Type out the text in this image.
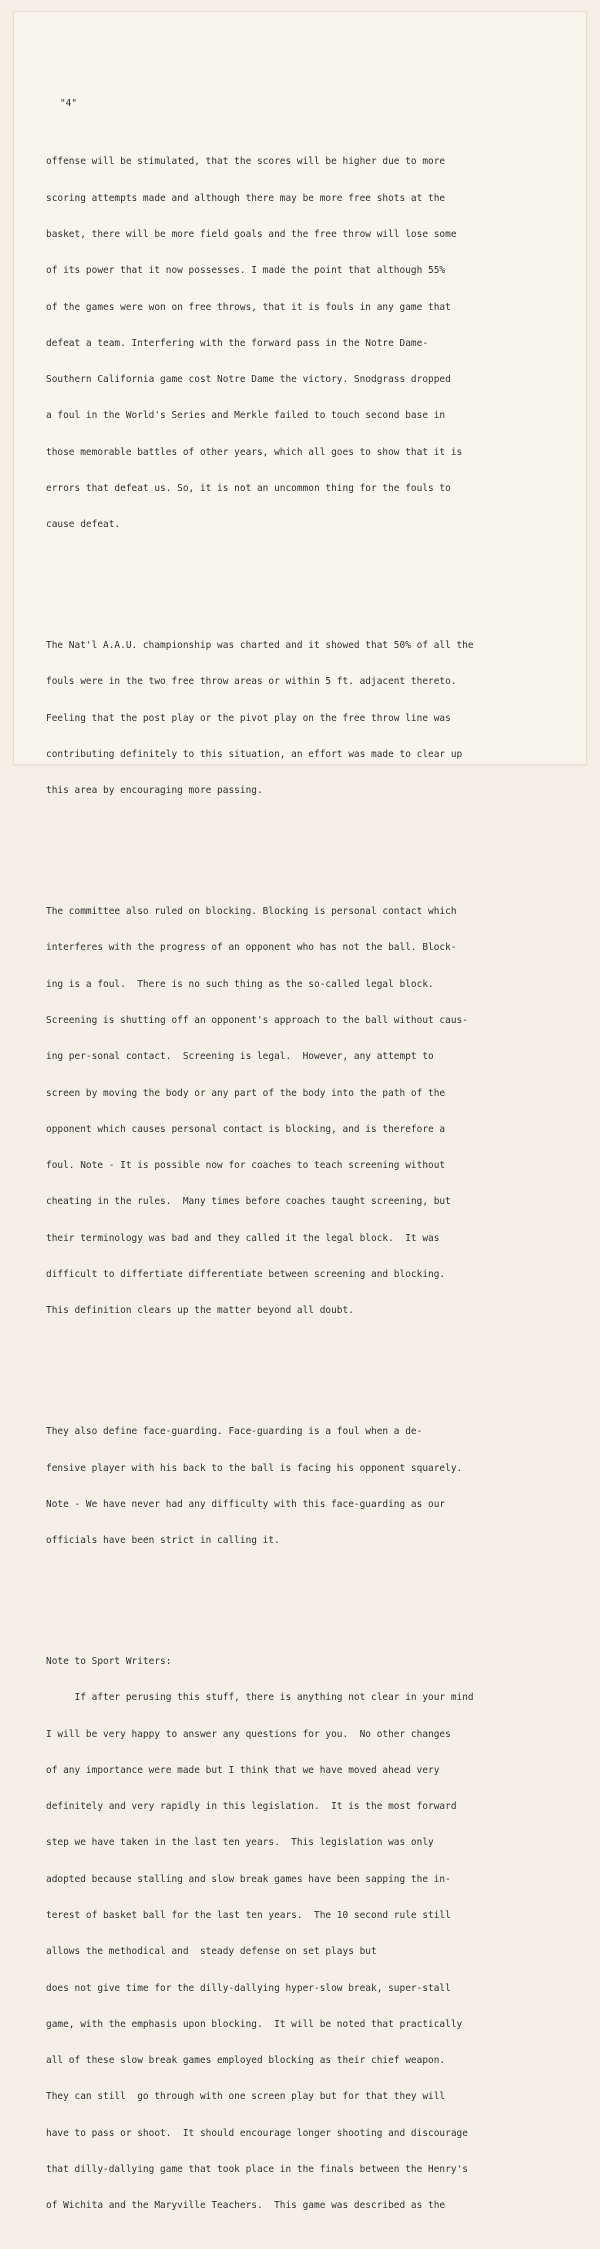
"4"

offense will be stimulated, that the scores will be higher due to more

scoring attempts made and although there may be more free shots at the

basket, there will be more field goals and the free throw will lose some

of its power that it now possesses. I made the point that although 55%

of the games were won on free throws, that it is fouls in any game that

defeat a team. Interfering with the forward pass in the Notre Dame-

Southern California game cost Notre Dame the victory. Snodgrass dropped

a foul in the World's Series and Merkle failed to touch second base in

those memorable battles of other years, which all goes to show that it is

errors that defeat us. So, it is not an uncommon thing for the fouls to

cause defeat.

The Nat'l A.A.U. championship was charted and it showed that 50% of all the

fouls were in the two free throw areas or within 5 ft. adjacent thereto.

Feeling that the post play or the pivot play on the free throw line was

contributing definitely to this situation, an effort was made to clear up

this area by encouraging more passing.

The committee also ruled on blocking. Blocking is personal contact which

interferes with the progress of an opponent who has not the ball. Block-

ing is a foul.  There is no such thing as the so-called legal block.

Screening is shutting off an opponent's approach to the ball without caus-

ing per-sonal contact.  Screening is legal.  However, any attempt to

screen by moving the body or any part of the body into the path of the

opponent which causes personal contact is blocking, and is therefore a

foul. Note - It is possible now for coaches to teach screening without

cheating in the rules.  Many times before coaches taught screening, but

their terminology was bad and they called it the legal block.  It was

difficult to differtiate differentiate between screening and blocking.

This definition clears up the matter beyond all doubt.

They also define face-guarding. Face-guarding is a foul when a de-

fensive player with his back to the ball is facing his opponent squarely.

Note - We have never had any difficulty with this face-guarding as our

officials have been strict in calling it.

Note to Sport Writers:

If after perusing this stuff, there is anything not clear in your mind

I will be very happy to answer any questions for you.  No other changes

of any importance were made but I think that we have moved ahead very

definitely and very rapidly in this legislation.  It is the most forward

step we have taken in the last ten years.  This legislation was only

adopted because stalling and slow break games have been sapping the in-

terest of basket ball for the last ten years.  The 10 second rule still

allows the methodical and  steady defense on set plays but

does not give time for the dilly-dallying hyper-slow break, super-stall

game, with the emphasis upon blocking.  It will be noted that practically

all of these slow break games employed blocking as their chief weapon.

They can still  go through with one screen play but for that they will

have to pass or shoot.  It should encourage longer shooting and discourage

that dilly-dallying game that took place in the finals between the Henry's

of Wichita and the Maryville Teachers.  This game was described as the
